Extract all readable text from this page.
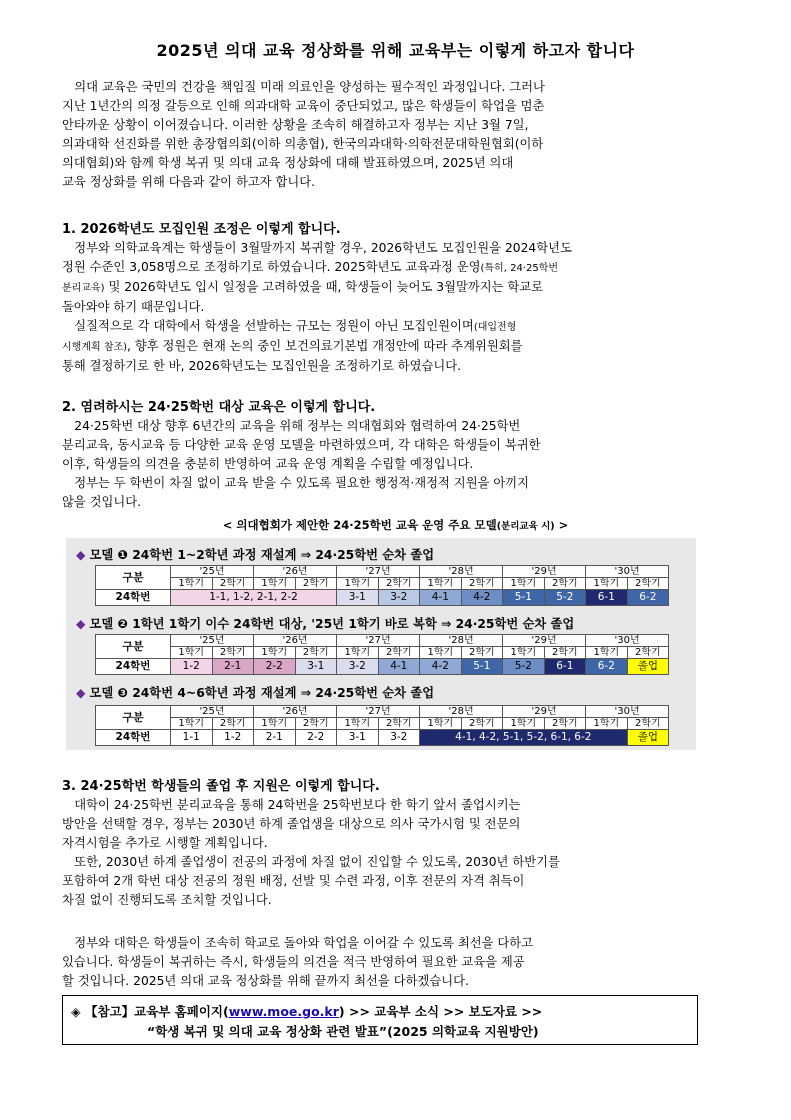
2025년 의대 교육 정상화를 위해 교육부는 이렇게 하고자 합니다
　의대 교육은 국민의 건강을 책임질 미래 의료인을 양성하는 필수적인 과정입니다. 그러나
지난 1년간의 의정 갈등으로 인해 의과대학 교육이 중단되었고, 많은 학생들이 학업을 멈춘
안타까운 상황이 이어졌습니다. 이러한 상황을 조속히 해결하고자 정부는 지난 3월 7일,
의과대학 선진화를 위한 총장협의회(이하 의총협), 한국의과대학·의학전문대학원협회(이하
의대협회)와 함께 학생 복귀 및 의대 교육 정상화에 대해 발표하였으며, 2025년 의대
교육 정상화를 위해 다음과 같이 하고자 합니다.
1. 2026학년도 모집인원 조정은 이렇게 합니다.
　정부와 의학교육계는 학생들이 3월말까지 복귀할 경우, 2026학년도 모집인원을 2024학년도
정원 수준인 3,058명으로 조정하기로 하였습니다. 2025학년도 교육과정 운영(특히, 24·25학번
분리교육) 및 2026학년도 입시 일정을 고려하였을 때, 학생들이 늦어도 3월말까지는 학교로
돌아와야 하기 때문입니다.
　실질적으로 각 대학에서 학생을 선발하는 규모는 정원이 아닌 모집인원이며(대입전형
시행계획 참조), 향후 정원은 현재 논의 중인 보건의료기본법 개정안에 따라 추계위원회를
통해 결정하기로 한 바, 2026학년도는 모집인원을 조정하기로 하였습니다.
2. 염려하시는 24·25학번 대상 교육은 이렇게 합니다.
　24·25학번 대상 향후 6년간의 교육을 위해 정부는 의대협회와 협력하여 24·25학번
분리교육, 동시교육 등 다양한 교육 운영 모델을 마련하였으며, 각 대학은 학생들이 복귀한
이후, 학생들의 의견을 충분히 반영하여 교육 운영 계획을 수립할 예정입니다.
　정부는 두 학번이 차질 없이 교육 받을 수 있도록 필요한 행정적·재정적 지원을 아끼지
않을 것입니다.
< 의대협회가 제안한 24·25학번 교육 운영 주요 모델(분리교육 시) >
◆ 모델 ❶ 24학번 1~2학년 과정 재설계 ⇒ 24·25학번 순차 졸업
구분	'25년		'26년		'27년		'28년		'29년		'30년		
	1학기	2학기	1학기	2학기	1학기	2학기	1학기	2학기	1학기	2학기	1학기	2학기	
24학번	1-1, 1-2, 2-1, 2-2				3-1	3-2	4-1	4-2	5-1	5-2	6-1	6-2	
◆ 모델 ❷ 1학년 1학기 이수 24학번 대상, '25년 1학기 바로 복학 ⇒ 24·25학번 순차 졸업
구분	'25년		'26년		'27년		'28년		'29년		'30년	
	1학기	2학기	1학기	2학기	1학기	2학기	1학기	2학기	1학기	2학기	1학기	2학기
24학번	1-2	2-1	2-2	3-1	3-2	4-1	4-2	5-1	5-2	6-1	6-2	졸업
◆ 모델 ❸ 24학번 4~6학년 과정 재설계 ⇒ 24·25학번 순차 졸업
구분	'25년		'26년		'27년		'28년		'29년		'30년	
	1학기	2학기	1학기	2학기	1학기	2학기	1학기	2학기	1학기	2학기	1학기	2학기
24학번	1-1	1-2	2-1	2-2	3-1	3-2	4-1, 4-2, 5-1, 5-2, 6-1, 6-2					졸업
3. 24·25학번 학생들의 졸업 후 지원은 이렇게 합니다.
　대학이 24·25학번 분리교육을 통해 24학번을 25학번보다 한 학기 앞서 졸업시키는
방안을 선택할 경우, 정부는 2030년 하계 졸업생을 대상으로 의사 국가시험 및 전문의
자격시험을 추가로 시행할 계획입니다.
　또한, 2030년 하계 졸업생이 전공의 과정에 차질 없이 진입할 수 있도록, 2030년 하반기를
포함하여 2개 학번 대상 전공의 정원 배정, 선발 및 수련 과정, 이후 전문의 자격 취득이
차질 없이 진행되도록 조치할 것입니다.
　정부와 대학은 학생들이 조속히 학교로 돌아와 학업을 이어갈 수 있도록 최선을 다하고
있습니다. 학생들이 복귀하는 즉시, 학생들의 의견을 적극 반영하여 필요한 교육을 제공
할 것입니다. 2025년 의대 교육 정상화를 위해 끝까지 최선을 다하겠습니다.
◈ 【참고】교육부 홈페이지(www.moe.go.kr) >> 교육부 소식 >> 보도자료 >>
“학생 복귀 및 의대 교육 정상화 관련 발표”(2025 의학교육 지원방안)
